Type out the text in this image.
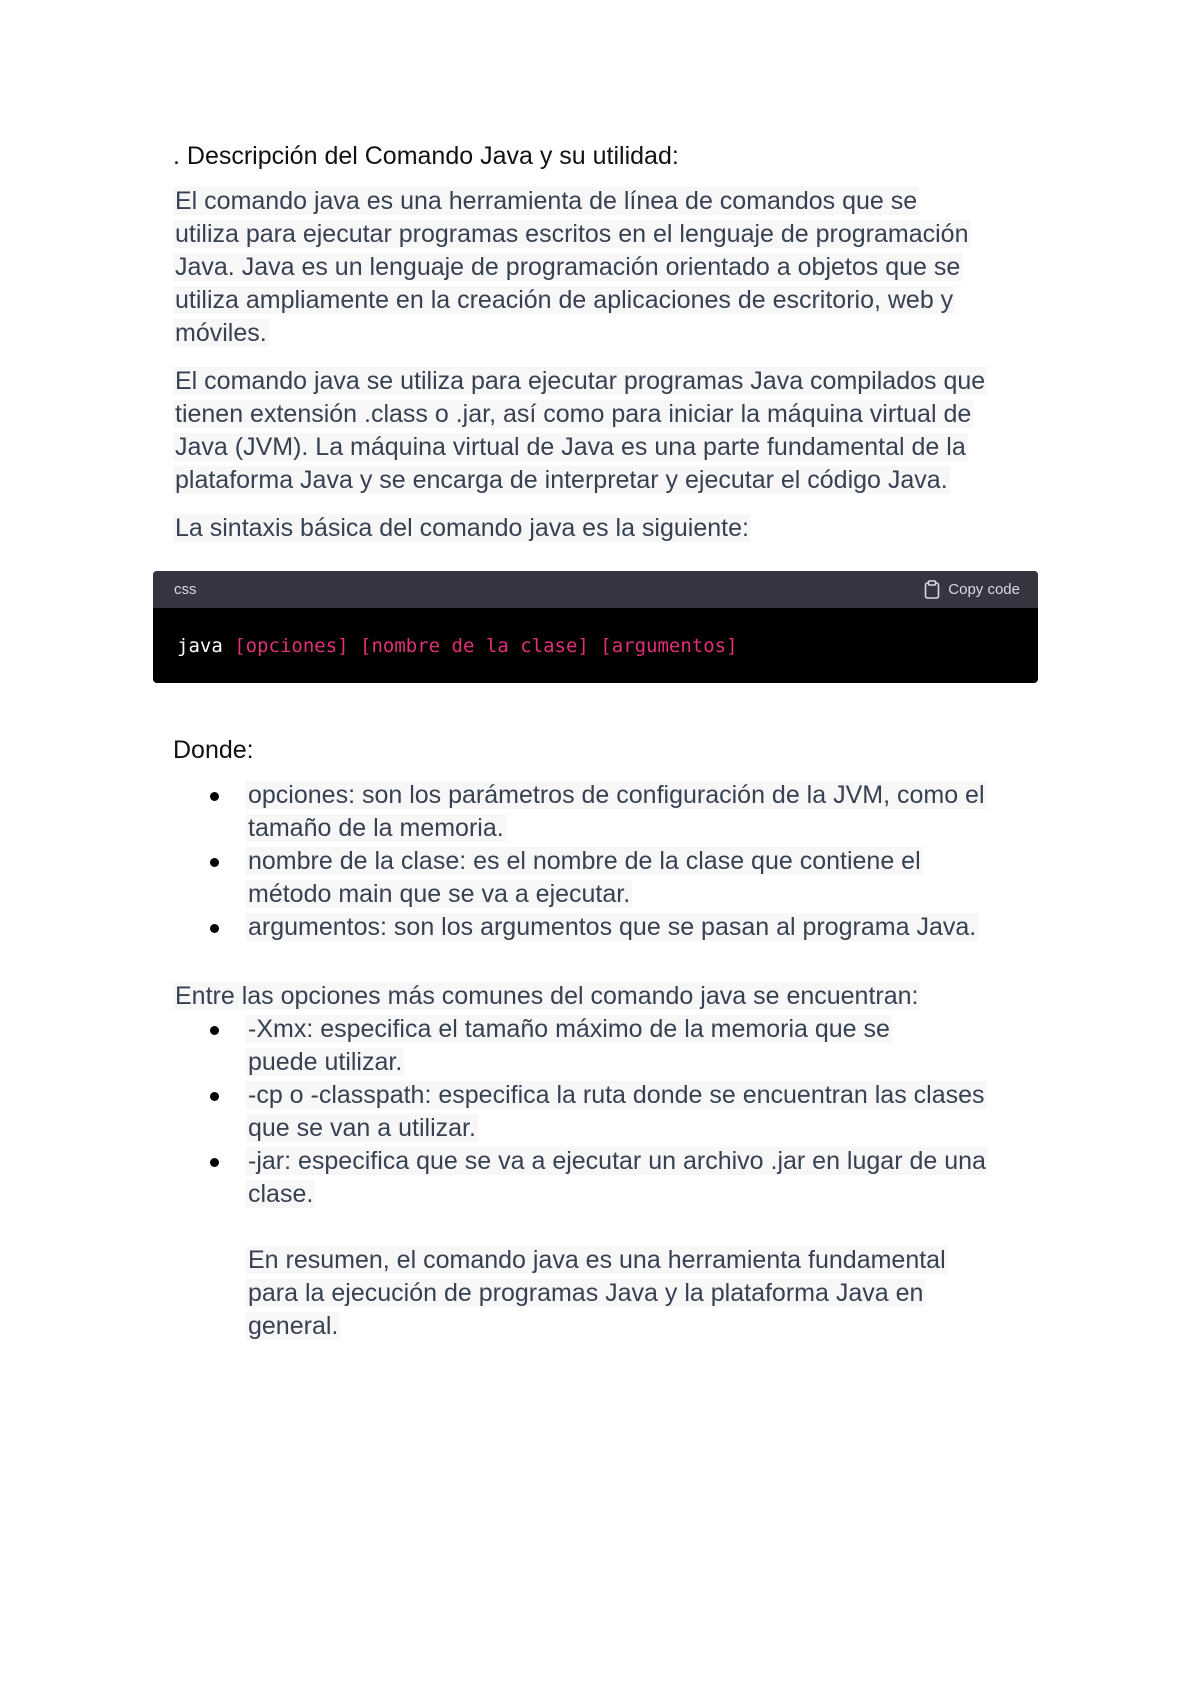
. Descripción del Comando Java y su utilidad:

El comando java es una herramienta de línea de comandos que se utiliza para ejecutar programas escritos en el lenguaje de programación Java. Java es un lenguaje de programación orientado a objetos que se utiliza ampliamente en la creación de aplicaciones de escritorio, web y móviles.

El comando java se utiliza para ejecutar programas Java compilados que tienen extensión .class o .jar, así como para iniciar la máquina virtual de Java (JVM). La máquina virtual de Java es una parte fundamental de la plataforma Java y se encarga de interpretar y ejecutar el código Java.

La sintaxis básica del comando java es la siguiente:

css	Copy code
java [opciones] [nombre de la clase] [argumentos]

Donde:

opciones: son los parámetros de configuración de la JVM, como el tamaño de la memoria.
nombre de la clase: es el nombre de la clase que contiene el método main que se va a ejecutar.
argumentos: son los argumentos que se pasan al programa Java.

Entre las opciones más comunes del comando java se encuentran:

-Xmx: especifica el tamaño máximo de la memoria que se puede utilizar.
-cp o -classpath: especifica la ruta donde se encuentran las clases que se van a utilizar.
-jar: especifica que se va a ejecutar un archivo .jar en lugar de una clase.

En resumen, el comando java es una herramienta fundamental para la ejecución de programas Java y la plataforma Java en general.
